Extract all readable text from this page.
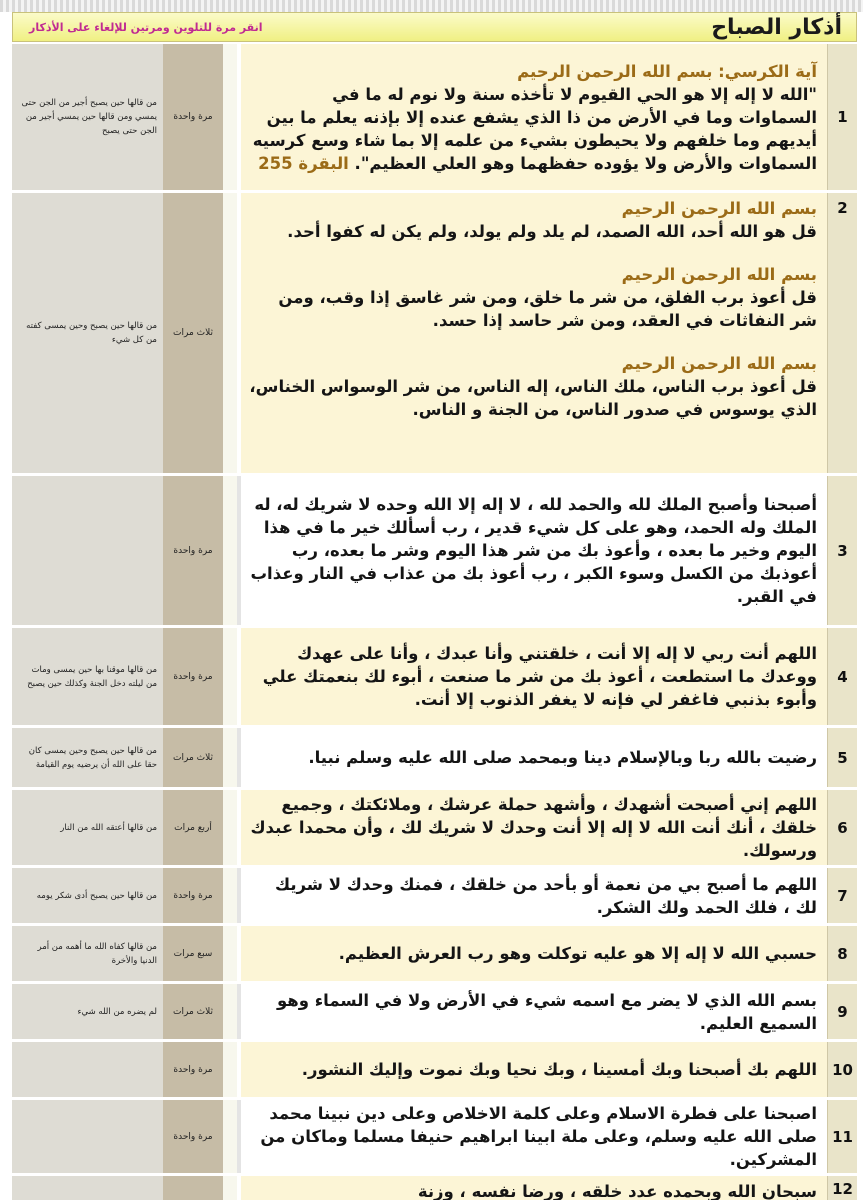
انقر مرة للتلوين ومرتين للإلغاء على الأذكار	أذكار الصباح
1
آية الكرسي: بسم الله الرحمن الرحيم
"الله لا إله إلا هو الحي القيوم لا تأخذه سنة ولا نوم له ما في السماوات وما في الأرض من ذا الذي يشفع عنده إلا بإذنه يعلم ما بين أيديهم وما خلفهم ولا يحيطون بشيء من علمه إلا بما شاء وسع كرسيه السماوات والأرض ولا يؤوده حفظهما وهو العلي العظيم". البقرة 255
مرة واحدة
من قالها حين يصبح أجير من الجن حتى يمسي ومن قالها حين يمسي أجير من الجن حتى يصبح
2
بسم الله الرحمن الرحيم
قل هو الله أحد، الله الصمد، لم يلد ولم يولد، ولم يكن له كفوا أحد.
بسم الله الرحمن الرحيم
قل أعوذ برب الفلق، من شر ما خلق، ومن شر غاسق إذا وقب، ومن شر النفاثات في العقد، ومن شر حاسد إذا حسد.
بسم الله الرحمن الرحيم
قل أعوذ برب الناس، ملك الناس، إله الناس، من شر الوسواس الخناس، الذي يوسوس في صدور الناس، من الجنة و الناس.
ثلاث مرات
من قالها حين يصبح وحين يمسى كفته من كل شيء
3
أصبحنا وأصبح الملك لله والحمد لله ، لا إله إلا الله وحده لا شريك له، له الملك وله الحمد، وهو على كل شيء قدير ، رب أسألك خير ما في هذا اليوم وخير ما بعده ، وأعوذ بك من شر هذا اليوم وشر ما بعده، رب أعوذبك من الكسل وسوء الكبر ، رب أعوذ بك من عذاب في النار وعذاب في القبر.
مرة واحدة
4
اللهم أنت ربي لا إله إلا أنت ، خلقتني وأنا عبدك ، وأنا على عهدك ووعدك ما استطعت ، أعوذ بك من شر ما صنعت ، أبوء لك بنعمتك علي وأبوء بذنبي فاغفر لي فإنه لا يغفر الذنوب إلا أنت.
مرة واحدة
من قالها موقنا بها حين يمسى ومات من ليلته دخل الجنة وكذلك حين يصبح
5
رضيت بالله ربا وبالإسلام دينا وبمحمد صلى الله عليه وسلم نبيا.
ثلاث مرات
من قالها حين يصبح وحين يمسى كان حقا على الله أن يرضيه يوم القيامة
6
اللهم إني أصبحت أشهدك ، وأشهد حملة عرشك ، وملائكتك ، وجميع خلقك ، أنك أنت الله لا إله إلا أنت وحدك لا شريك لك ، وأن محمدا عبدك ورسولك.
أربع مرات
من قالها أعتقه الله من النار
7
اللهم ما أصبح بي من نعمة أو بأحد من خلقك ، فمنك وحدك لا شريك لك ، فلك الحمد ولك الشكر.
مرة واحدة
من قالها حين يصبح أدى شكر يومه
8
حسبي الله لا إله إلا هو عليه توكلت وهو رب العرش العظيم.
سبع مرات
من قالها كفاه الله ما أهمه من أمر الدنيا والأخرة
9
بسم الله الذي لا يضر مع اسمه شيء في الأرض ولا في السماء وهو السميع العليم.
ثلاث مرات
لم يضره من الله شيء
10
اللهم بك أصبحنا وبك أمسينا ، وبك نحيا وبك نموت وإليك النشور.
مرة واحدة
11
اصبحنا على فطرة الاسلام وعلى كلمة الاخلاص وعلى دين نبينا محمد صلى الله عليه وسلم، وعلى ملة ابينا ابراهيم حنيفا مسلما وماكان من المشركين.
مرة واحدة
12
سبحان الله وبحمده عدد خلقه ، ورضا نفسه ، وزنة
